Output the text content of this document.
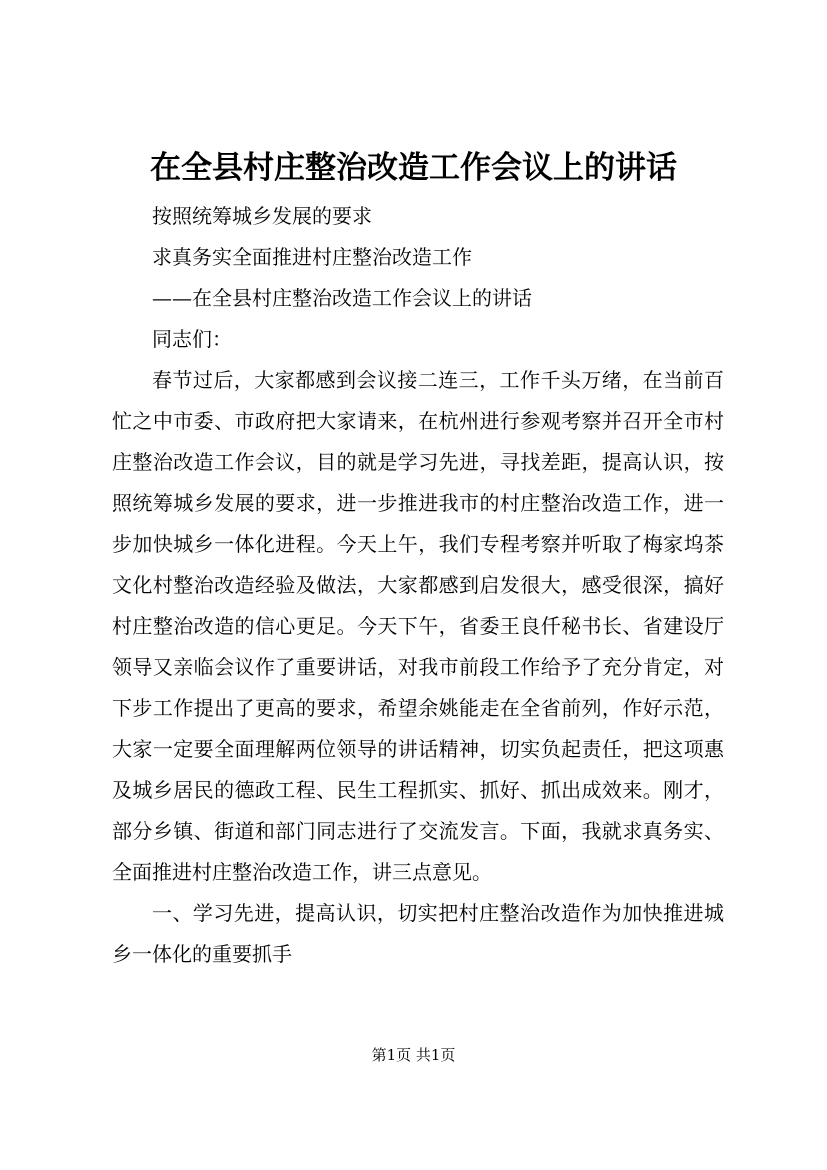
在全县村庄整治改造工作会议上的讲话

按照统筹城乡发展的要求

求真务实全面推进村庄整治改造工作

——在全县村庄整治改造工作会议上的讲话

同志们：

春节过后，大家都感到会议接二连三，工作千头万绪，在当前百忙之中市委、市政府把大家请来，在杭州进行参观考察并召开全市村庄整治改造工作会议，目的就是学习先进，寻找差距，提高认识，按照统筹城乡发展的要求，进一步推进我市的村庄整治改造工作，进一步加快城乡一体化进程。今天上午，我们专程考察并听取了梅家坞茶文化村整治改造经验及做法，大家都感到启发很大，感受很深，搞好村庄整治改造的信心更足。今天下午，省委王良仟秘书长、省建设厅领导又亲临会议作了重要讲话，对我市前段工作给予了充分肯定，对下步工作提出了更高的要求，希望余姚能走在全省前列，作好示范，大家一定要全面理解两位领导的讲话精神，切实负起责任，把这项惠及城乡居民的德政工程、民生工程抓实、抓好、抓出成效来。刚才，部分乡镇、街道和部门同志进行了交流发言。下面，我就求真务实、全面推进村庄整治改造工作，讲三点意见。

一、学习先进，提高认识，切实把村庄整治改造作为加快推进城乡一体化的重要抓手

第1页 共1页
